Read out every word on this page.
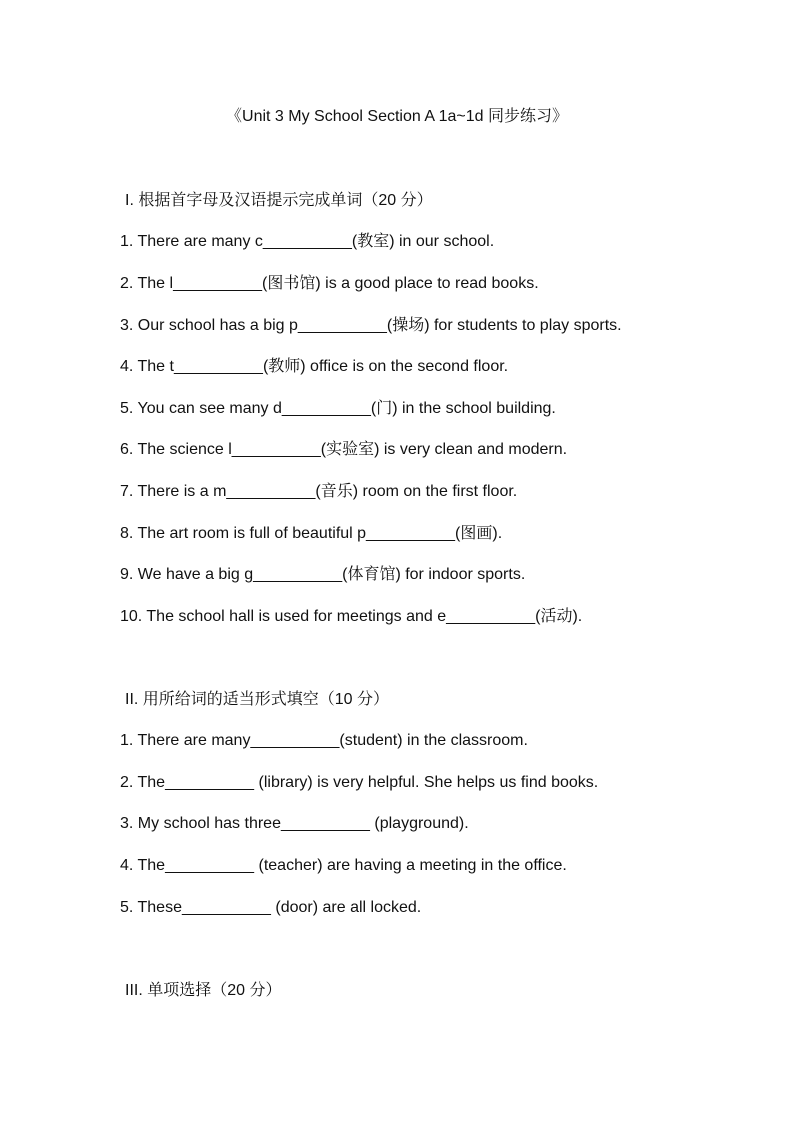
《Unit 3 My School Section A 1a~1d 同步练习》
I. 根据首字母及汉语提示完成单词（20 分）
1. There are many c__________(教室) in our school.
2. The l__________(图书馆) is a good place to read books.
3. Our school has a big p__________(操场) for students to play sports.
4. The t__________(教师) office is on the second floor.
5. You can see many d__________(门) in the school building.
6. The science l__________(实验室) is very clean and modern.
7. There is a m__________(音乐) room on the first floor.
8. The art room is full of beautiful p__________(图画).
9. We have a big g__________(体育馆) for indoor sports.
10. The school hall is used for meetings and e__________(活动).
II. 用所给词的适当形式填空（10 分）
1. There are many__________(student) in the classroom.
2. The__________ (library) is very helpful. She helps us find books.
3. My school has three__________ (playground).
4. The__________ (teacher) are having a meeting in the office.
5. These__________ (door) are all locked.
III. 单项选择（20 分）
